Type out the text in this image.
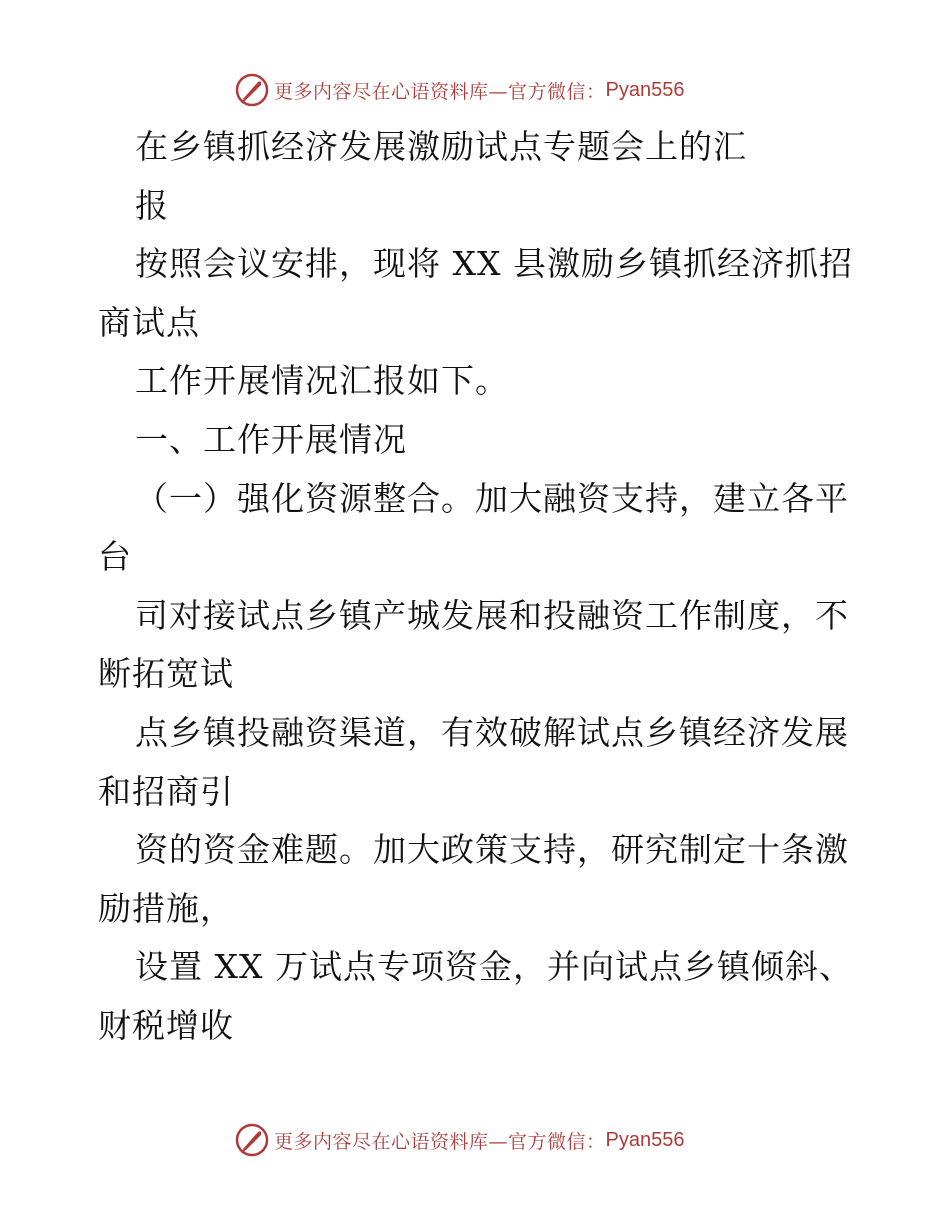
更多内容尽在心语资料库—官方微信： Pyan556
在乡镇抓经济发展激励试点专题会上的汇
报
按照会议安排，现将 XX 县激励乡镇抓经济抓招
商试点
工作开展情况汇报如下。
一、工作开展情况
（一）强化资源整合。加大融资支持，建立各平
台
司对接试点乡镇产城发展和投融资工作制度，不
断拓宽试
点乡镇投融资渠道，有效破解试点乡镇经济发展
和招商引
资的资金难题。加大政策支持，研究制定十条激
励措施，
设置 XX 万试点专项资金，并向试点乡镇倾斜、
财税增收
更多内容尽在心语资料库—官方微信： Pyan556
